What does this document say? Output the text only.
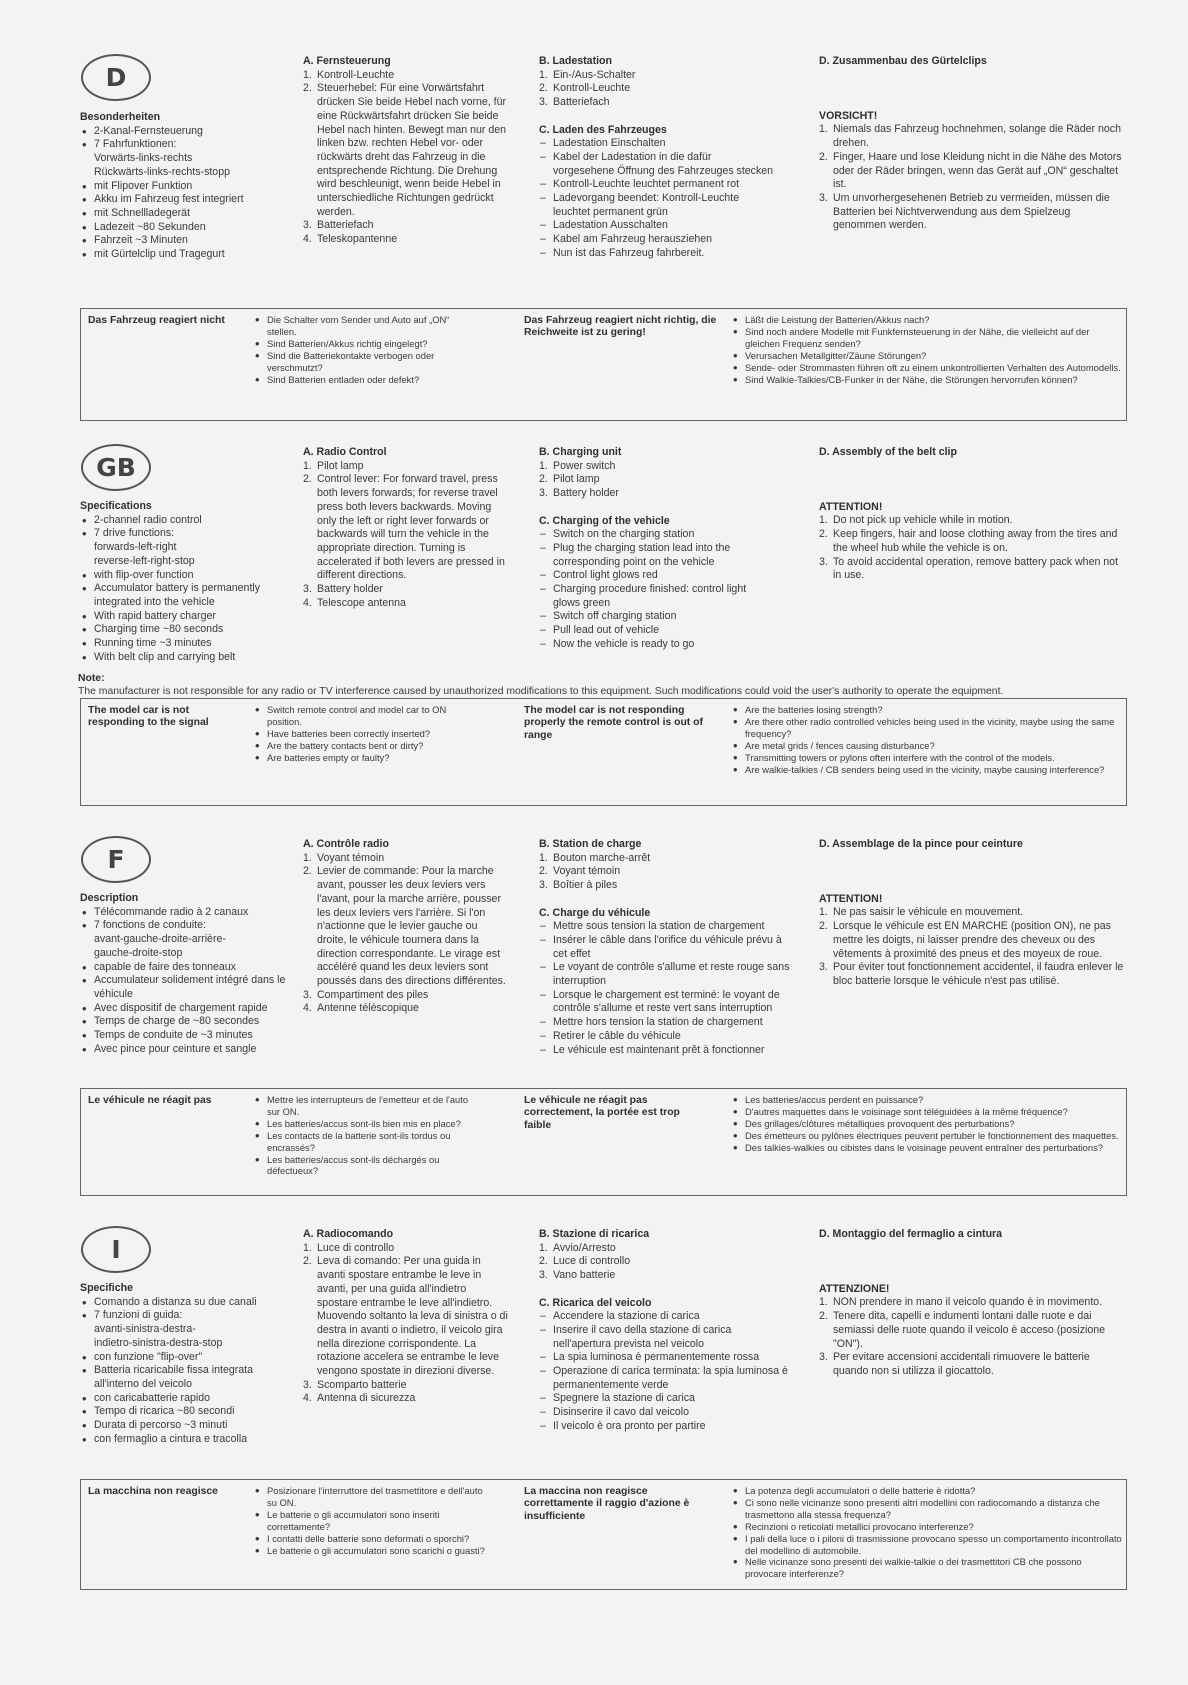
D
Besonderheiten
• 2-Kanal-Fernsteuerung
• 7 Fahrfunktionen:
Vorwärts-links-rechts
Rückwärts-links-rechts-stopp
• mit Flipover Funktion
• Akku im Fahrzeug fest integriert
• mit Schnellladegerät
• Ladezeit ~80 Sekunden
• Fahrzeit ~3 Minuten
• mit Gürtelclip und Tragegurt
A. Fernsteuerung
1. Kontroll-Leuchte
2. Steuerhebel: Für eine Vorwärtsfahrt drücken Sie beide Hebel nach vorne, für eine Rückwärtsfahrt drücken Sie beide Hebel nach hinten. Bewegt man nur den linken bzw. rechten Hebel vor- oder rückwärts dreht das Fahrzeug in die entsprechende Richtung. Die Drehung wird beschleunigt, wenn beide Hebel in unterschiedliche Richtungen gedrückt werden.
3. Batteriefach
4. Teleskopantenne
B. Ladestation
1. Ein-/Aus-Schalter
2. Kontroll-Leuchte
3. Batteriefach
C. Laden des Fahrzeuges
– Ladestation Einschalten
– Kabel der Ladestation in die dafür vorgesehene Öffnung des Fahrzeuges stecken
– Kontroll-Leuchte leuchtet permanent rot
– Ladevorgang beendet: Kontroll-Leuchte leuchtet permanent grün
– Ladestation Ausschalten
– Kabel am Fahrzeug herausziehen
– Nun ist das Fahrzeug fahrbereit.
D. Zusammenbau des Gürtelclips
VORSICHT!
1. Niemals das Fahrzeug hochnehmen, solange die Räder noch drehen.
2. Finger, Haare und lose Kleidung nicht in die Nähe des Motors oder der Räder bringen, wenn das Gerät auf „ON“ geschaltet ist.
3. Um unvorhergesehenen Betrieb zu vermeiden, müssen die Batterien bei Nichtverwendung aus dem Spielzeug genommen werden.
Das Fahrzeug reagiert nicht	• Die Schalter vom Sender und Auto auf „ON“ stellen.
• Sind Batterien/Akkus richtig eingelegt?
• Sind die Batteriekontakte verbogen oder verschmutzt?
• Sind Batterien entladen oder defekt?
Das Fahrzeug reagiert nicht richtig, die Reichweite ist zu gering!
• Läßt die Leistung der Batterien/Akkus nach?
• Sind noch andere Modelle mit Funkfernsteuerung in der Nähe, die vielleicht auf der gleichen Frequenz senden?
• Verursachen Metallgitter/Zäune Störungen?
• Sende- oder Strommasten führen oft zu einem unkontrollierten Verhalten des Automodells.
• Sind Walkie-Talkies/CB-Funker in der Nähe, die Störungen hervorrufen können?
GB
Specifications
• 2-channel radio control
• 7 drive functions:
forwards-left-right
reverse-left-right-stop
• with flip-over function
• Accumulator battery is permanently integrated into the vehicle
• With rapid battery charger
• Charging time ~80 seconds
• Running time ~3 minutes
• With belt clip and carrying belt
A. Radio Control
1. Pilot lamp
2. Control lever: For forward travel, press both levers forwards; for reverse travel press both levers backwards. Moving only the left or right lever forwards or backwards will turn the vehicle in the appropriate direction. Turning is accelerated if both levers are pressed in different directions.
3. Battery holder
4. Telescope antenna
B. Charging unit
1. Power switch
2. Pilot lamp
3. Battery holder
C. Charging of the vehicle
– Switch on the charging station
– Plug the charging station lead into the corresponding point on the vehicle
– Control light glows red
– Charging procedure finished: control light glows green
– Switch off charging station
– Pull lead out of vehicle
– Now the vehicle is ready to go
D. Assembly of the belt clip
ATTENTION!
1. Do not pick up vehicle while in motion.
2. Keep fingers, hair and loose clothing away from the tires and the wheel hub while the vehicle is on.
3. To avoid accidental operation, remove battery pack when not in use.
Note:
The manufacturer is not responsible for any radio or TV interference caused by unauthorized modifications to this equipment. Such modifications could void the user's authority to operate the equipment.
The model car is not responding to the signal
• Switch remote control and model car to ON position.
• Have batteries been correctly inserted?
• Are the battery contacts bent or dirty?
• Are batteries empty or faulty?
The model car is not responding properly the remote control is out of range
• Are the batteries losing strength?
• Are there other radio controlled vehicles being used in the vicinity, maybe using the same frequency?
• Are metal grids / fences causing disturbance?
• Transmitting towers or pylons often interfere with the control of the models.
• Are walkie-talkies / CB senders being used in the vicinity, maybe causing interference?
F
Description
• Télécommande radio à 2 canaux
• 7 fonctions de conduite:
avant-gauche-droite-arrière-
gauche-droite-stop
• capable de faire des tonneaux
• Accumulateur solidement intégré dans le véhicule
• Avec dispositif de chargement rapide
• Temps de charge de ~80 secondes
• Temps de conduite de ~3 minutes
• Avec pince pour ceinture et sangle
A. Contrôle radio
1. Voyant témoin
2. Levier de commande: Pour la marche avant, pousser les deux leviers vers l'avant, pour la marche arrière, pousser les deux leviers vers l'arrière. Si l'on n'actionne que le levier gauche ou droite, le véhicule tournera dans la direction correspondante. Le virage est accéléré quand les deux leviers sont poussés dans des directions différentes.
3. Compartiment des piles
4. Antenne téléscopique
B. Station de charge
1. Bouton marche-arrêt
2. Voyant témoin
3. Boîtier à piles
C. Charge du véhicule
– Mettre sous tension la station de chargement
– Insérer le câble dans l'orifice du véhicule prévu à cet effet
– Le voyant de contrôle s'allume et reste rouge sans interruption
– Lorsque le chargement est terminé: le voyant de contrôle s'allume et reste vert sans interruption
– Mettre hors tension la station de chargement
– Retirer le câble du véhicule
– Le véhicule est maintenant prêt à fonctionner
D. Assemblage de la pince pour ceinture
ATTENTION!
1. Ne pas saisir le véhicule en mouvement.
2. Lorsque le véhicule est EN MARCHE (position ON), ne pas mettre les doigts, ni laisser prendre des cheveux ou des vêtements à proximité des pneus et des moyeux de roue.
3. Pour éviter tout fonctionnement accidentel, il faudra enlever le bloc batterie lorsque le véhicule n'est pas utilisé.
Le véhicule ne réagit pas	• Mettre les interrupteurs de l'emetteur et de l'auto sur ON.
• Les batteries/accus sont-ils bien mis en place?
• Les contacts de la batterie sont-ils tordus ou encrassés?
• Les batteries/accus sont-ils déchargés ou défectueux?
Le véhicule ne réagit pas correctement, la portée est trop faible
• Les batteries/accus perdent en puissance?
• D'autres maquettes dans le voisinage sont téléguidées à la même fréquence?
• Des grillages/clôtures métalliques provoquent des perturbations?
• Des émetteurs ou pylônes électriques peuvent pertuber le fonctionnement des maquettes.
• Des talkies-walkies ou cibistes dans le voisinage peuvent entraîner des perturbations?
I
Specifiche
• Comando a distanza su due canali
• 7 funzioni di guida:
avanti-sinistra-destra-
indietro-sinistra-destra-stop
• con funzione "flip-over"
• Batteria ricaricabile fissa integrata all'interno del veicolo
• con caricabatterie rapido
• Tempo di ricarica ~80 secondi
• Durata di percorso ~3 minuti
• con fermaglio a cintura e tracolla
A. Radiocomando
1. Luce di controllo
2. Leva di comando: Per una guida in avanti spostare entrambe le leve in avanti, per una guida all'indietro spostare entrambe le leve all'indietro. Muovendo soltanto la leva di sinistra o di destra in avanti o indietro, il veicolo gira nella direzione corrispondente. La rotazione accelera se entrambe le leve vengono spostate in direzioni diverse.
3. Scomparto batterie
4. Antenna di sicurezza
B. Stazione di ricarica
1. Avvio/Arresto
2. Luce di controllo
3. Vano batterie
C. Ricarica del veicolo
– Accendere la stazione di carica
– Inserire il cavo della stazione di carica nell'apertura prevista nel veicolo
– La spia luminosa è permanentemente rossa
– Operazione di carica terminata: la spia luminosa è permanentemente verde
– Spegnere la stazione di carica
– Disinserire il cavo dal veicolo
– Il veicolo è ora pronto per partire
D. Montaggio del fermaglio a cintura
ATTENZIONE!
1. NON prendere in mano il veicolo quando è in movimento.
2. Tenere dita, capelli e indumenti lontani dalle ruote e dai semiassi delle ruote quando il veicolo è acceso (posizione "ON").
3. Per evitare accensioni accidentali rimuovere le batterie quando non si utilizza il giocattolo.
La macchina non reagisce	• Posizionare l'interruttore del trasmettitore e dell'auto su ON.
• Le batterie o gli accumulatori sono inseriti correttamente?
• I contatti delle batterie sono deformati o sporchi?
• Le batterie o gli accumulatori sono scarichi o guasti?
La maccina non reagisce correttamente il raggio d'azione è insufficiente
• La potenza degli accumulatori o delle batterie è ridotta?
• Ci sono nelle vicinanze sono presenti altri modellini con radiocomando a distanza che trasmettono alla stessa frequenza?
• Recinzioni o reticolati metallici provocano interferenze?
• I pali della luce o i piloni di trasmissione provocano spesso un comportamento incontrollato del modellino di automobile.
• Nelle vicinanze sono presenti dei walkie-talkie o dei trasmettitori CB che possono provocare interferenze?
